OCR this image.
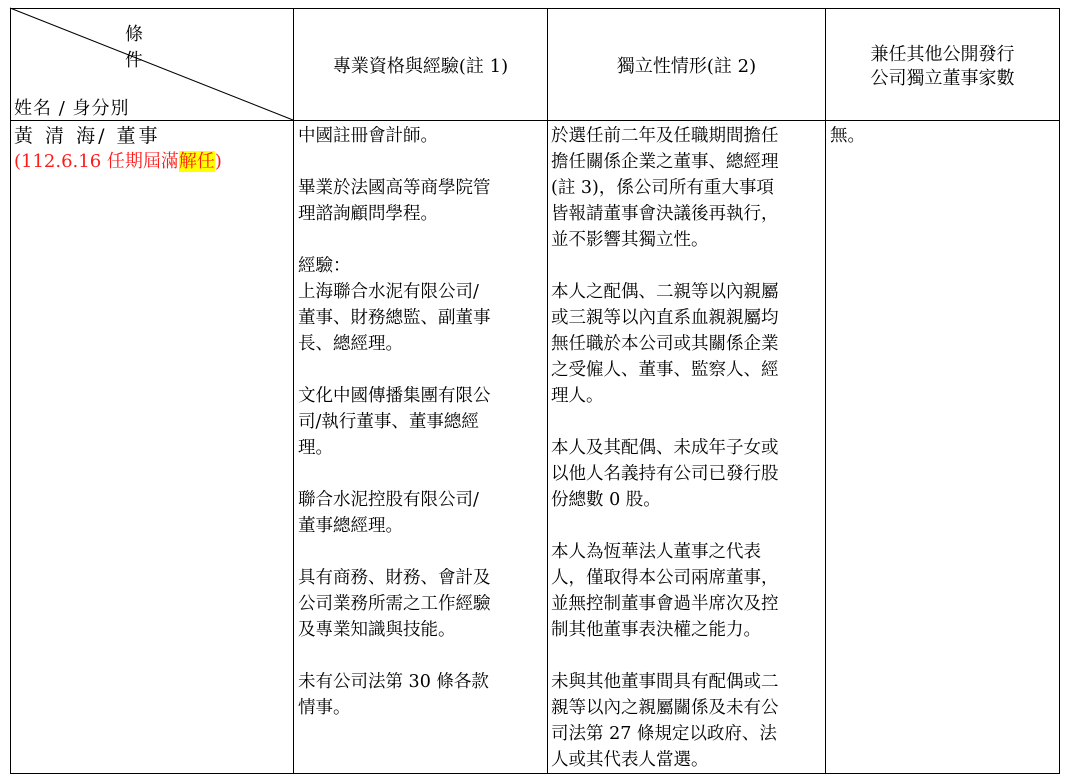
條件
姓名 / 身分別
專業資格與經驗(註 1)	獨立性情形(註 2)
兼任其他公開發行
公司獨立董事家數

黃 清 海/ 董事

(112.6.16 任期屆滿解任)

中國註冊會計師。

畢業於法國高等商學院管

理諮詢顧問學程。

經驗：

上海聯合水泥有限公司/

董事、財務總監、副董事

長、總經理。

文化中國傳播集團有限公

司/執行董事、董事總經

理。

聯合水泥控股有限公司/

董事總經理。

具有商務、財務、會計及

公司業務所需之工作經驗

及專業知識與技能。

未有公司法第 30 條各款

情事。

於選任前二年及任職期間擔任

擔任關係企業之董事、總經理

(註 3)，係公司所有重大事項

皆報請董事會決議後再執行，

並不影響其獨立性。

本人之配偶、二親等以內親屬

或三親等以內直系血親親屬均

無任職於本公司或其關係企業

之受僱人、董事、監察人、經

理人。

本人及其配偶、未成年子女或

以他人名義持有公司已發行股

份總數 0 股。

本人為恆華法人董事之代表

人，僅取得本公司兩席董事，

並無控制董事會過半席次及控

制其他董事表決權之能力。

未與其他董事間具有配偶或二

親等以內之親屬關係及未有公

司法第 27 條規定以政府、法

人或其代表人當選。

無。
